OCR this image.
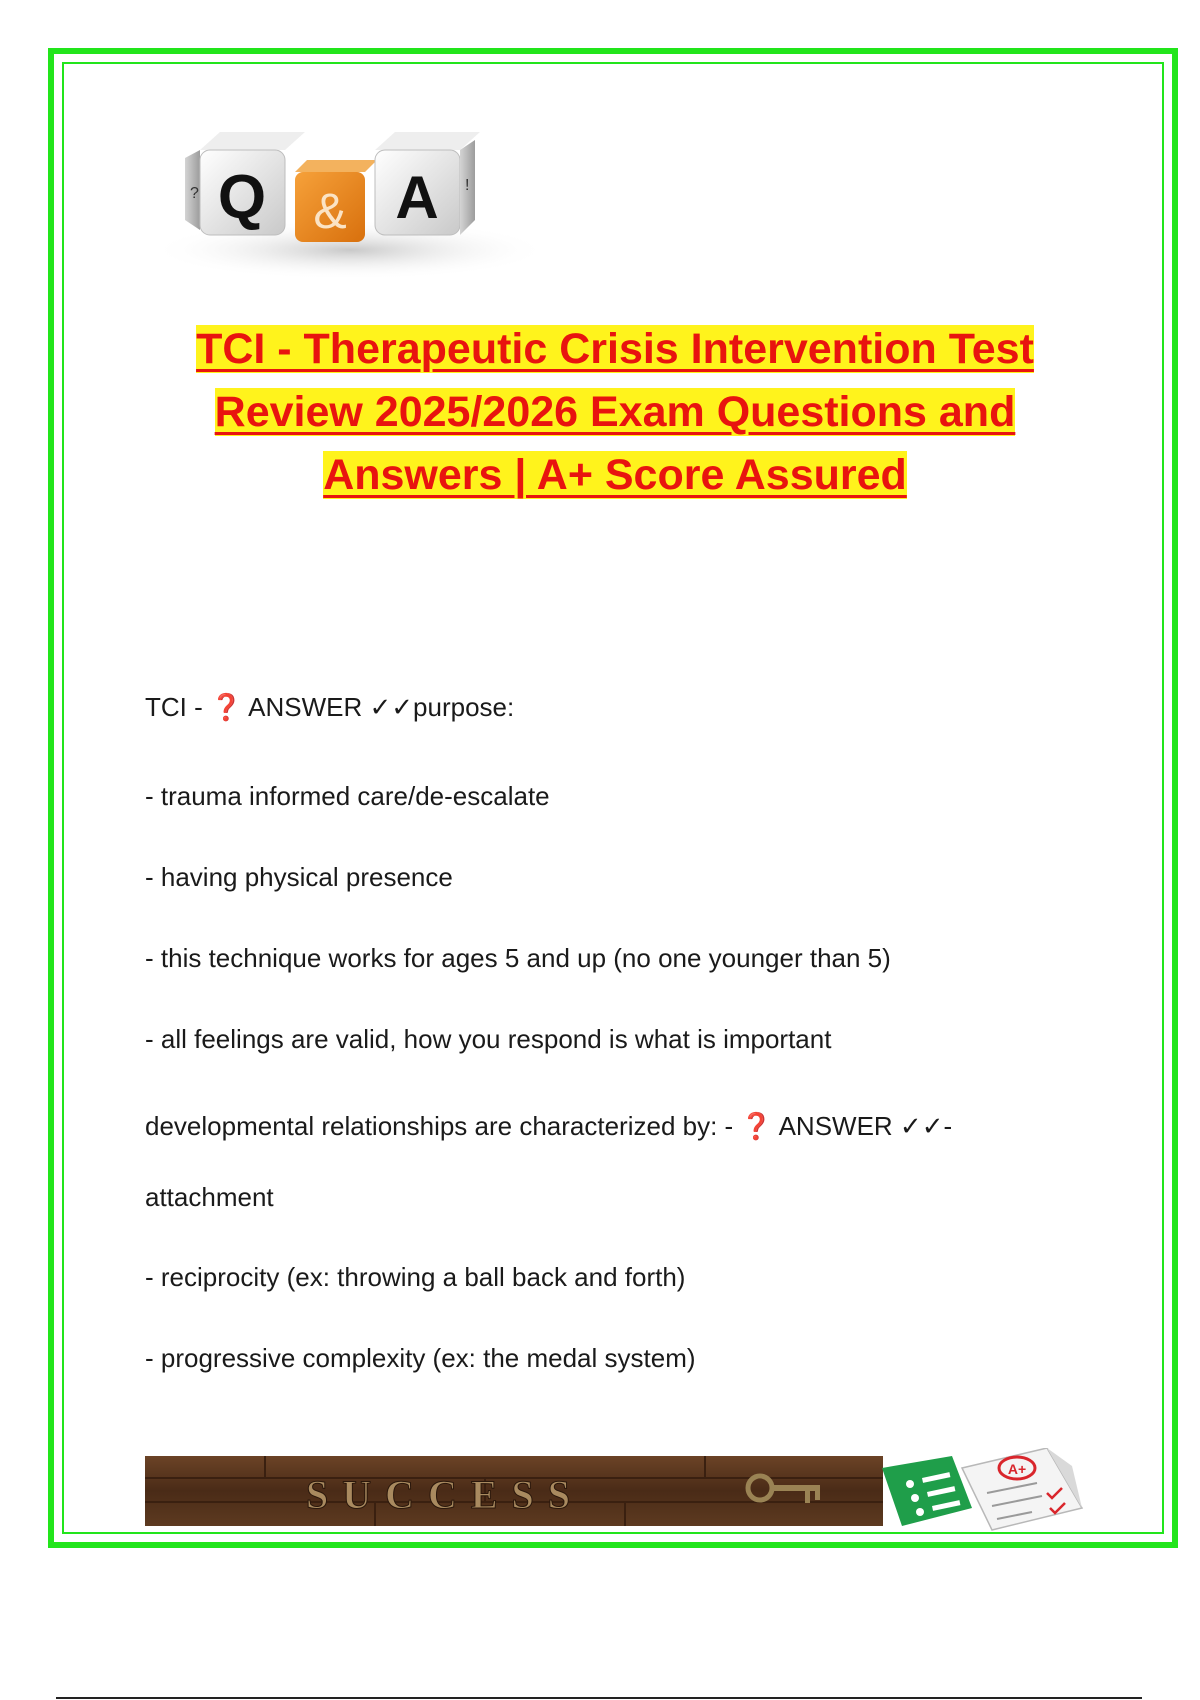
Q
? & A !
TCI - Therapeutic Crisis Intervention Test
Review 2025/2026 Exam Questions and
Answers | A+ Score Assured
TCI - ❓ ANSWER ✓✓purpose:
- trauma informed care/de-escalate
- having physical presence
- this technique works for ages 5 and up (no one younger than 5)
- all feelings are valid, how you respond is what is important
developmental relationships are characterized by: - ❓ ANSWER ✓✓-
attachment
- reciprocity (ex: throwing a ball back and forth)
- progressive complexity (ex: the medal system)
SUCCESS
A+
